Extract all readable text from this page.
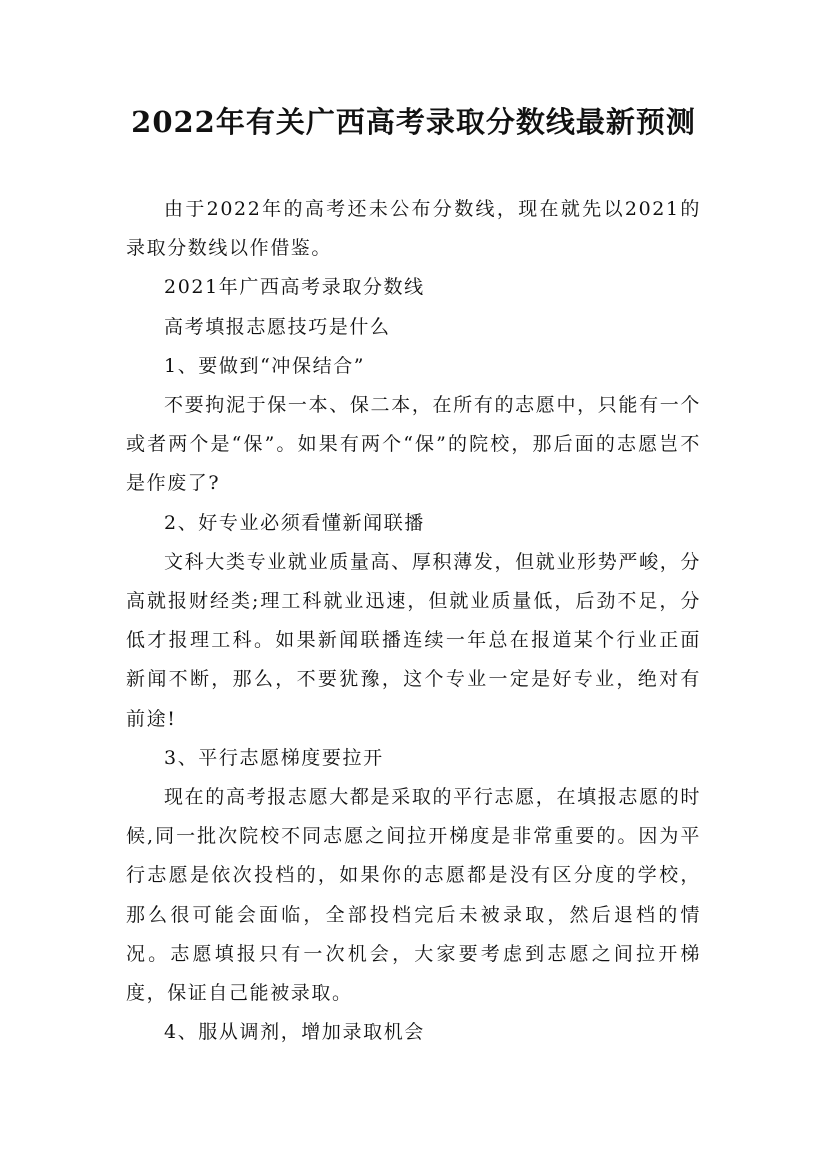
2022年有关广西高考录取分数线最新预测

由于2022年的高考还未公布分数线，现在就先以2021的录取分数线以作借鉴。

2021年广西高考录取分数线

高考填报志愿技巧是什么

1、要做到“冲保结合”

不要拘泥于保一本、保二本，在所有的志愿中，只能有一个或者两个是“保”。如果有两个“保”的院校，那后面的志愿岂不是作废了?

2、好专业必须看懂新闻联播

文科大类专业就业质量高、厚积薄发，但就业形势严峻，分高就报财经类;理工科就业迅速，但就业质量低，后劲不足，分低才报理工科。如果新闻联播连续一年总在报道某个行业正面新闻不断，那么，不要犹豫，这个专业一定是好专业，绝对有前途!

3、平行志愿梯度要拉开

现在的高考报志愿大都是采取的平行志愿，在填报志愿的时候,同一批次院校不同志愿之间拉开梯度是非常重要的。因为平行志愿是依次投档的，如果你的志愿都是没有区分度的学校，那么很可能会面临，全部投档完后未被录取，然后退档的情况。志愿填报只有一次机会，大家要考虑到志愿之间拉开梯度，保证自己能被录取。

4、服从调剂，增加录取机会
